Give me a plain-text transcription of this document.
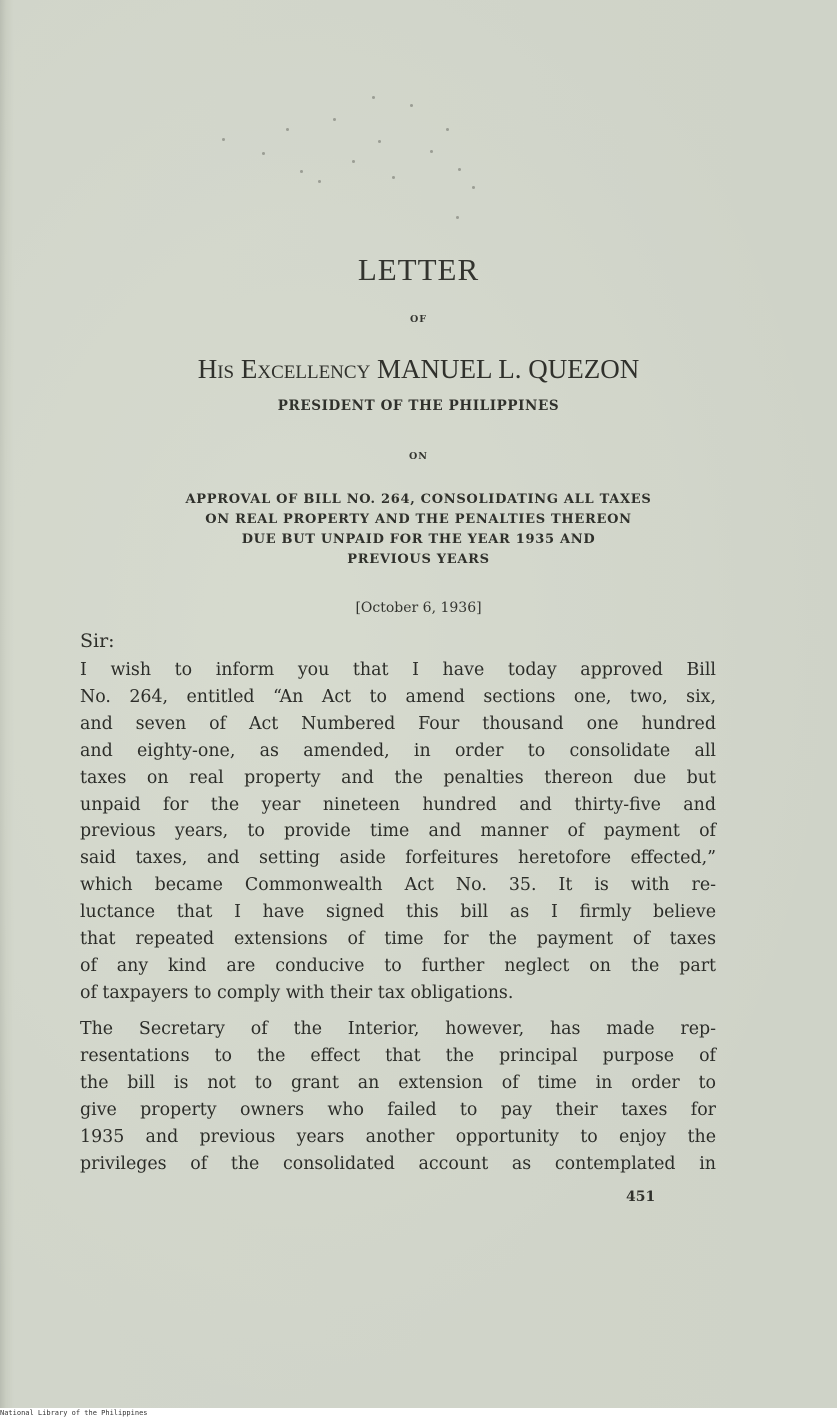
LETTER
OF
His Excellency MANUEL L. QUEZON
PRESIDENT OF THE PHILIPPINES
ON
APPROVAL OF BILL NO. 264, CONSOLIDATING ALL TAXES
ON REAL PROPERTY AND THE PENALTIES THEREON
DUE BUT UNPAID FOR THE YEAR 1935 AND
PREVIOUS YEARS
[October 6, 1936]
Sir:
I wish to inform you that I have today approved Bill
No. 264, entitled “An Act to amend sections one, two, six,
and seven of Act Numbered Four thousand one hundred
and eighty-one, as amended, in order to consolidate all
taxes on real property and the penalties thereon due but
unpaid for the year nineteen hundred and thirty-five and
previous years, to provide time and manner of payment of
said taxes, and setting aside forfeitures heretofore effected,”
which became Commonwealth Act No. 35. It is with re-
luctance that I have signed this bill as I firmly believe
that repeated extensions of time for the payment of taxes
of any kind are conducive to further neglect on the part
of taxpayers to comply with their tax obligations.
The Secretary of the Interior, however, has made rep-
resentations to the effect that the principal purpose of
the bill is not to grant an extension of time in order to
give property owners who failed to pay their taxes for
1935 and previous years another opportunity to enjoy the
privileges of the consolidated account as contemplated in
451
National Library of the Philippines
